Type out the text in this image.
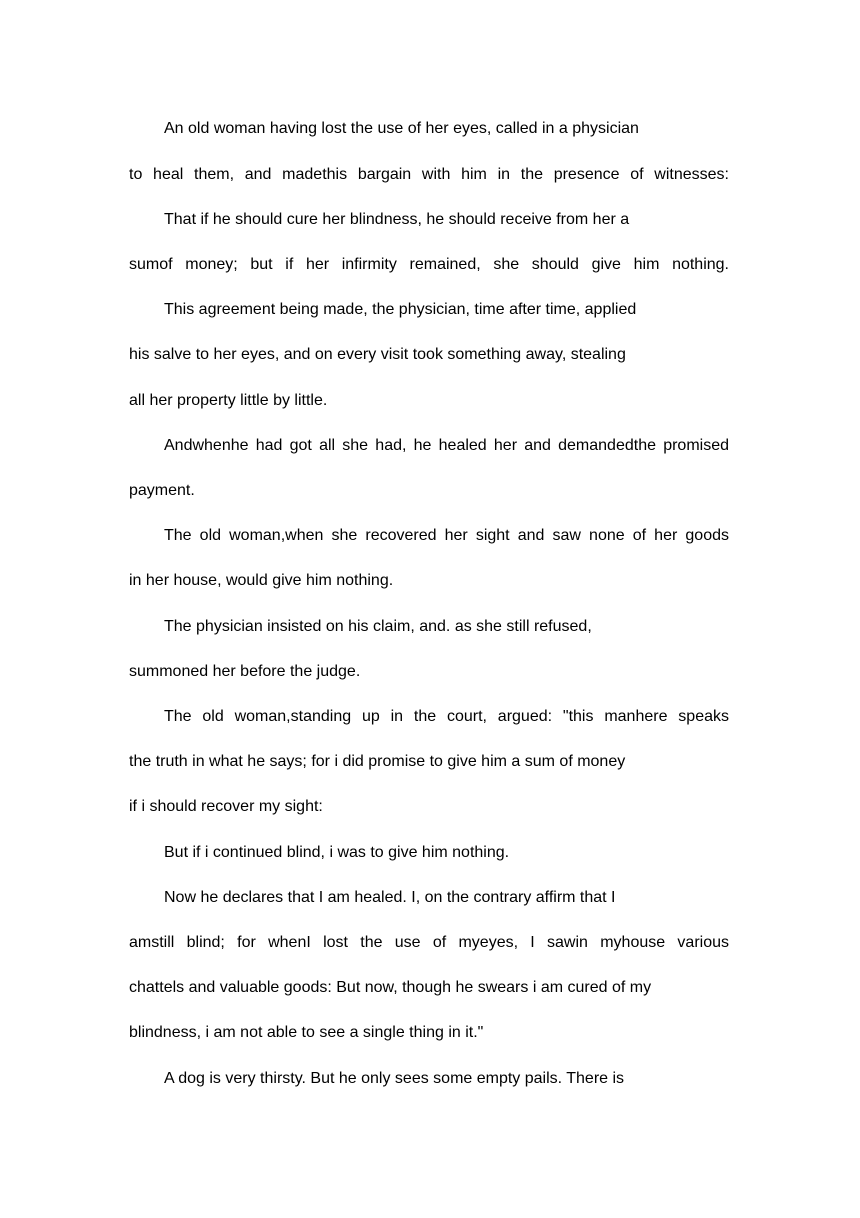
An old woman having lost the use of her eyes, called in a physician
to heal them, and madethis bargain with him in the presence of witnesses:
That if he should cure her blindness, he should receive from her a
sumof money; but if her infirmity remained, she should give him nothing.
This agreement being made, the physician, time after time, applied
his salve to her eyes, and on every visit took something away, stealing
all her property little by little.
Andwhenhe had got all she had, he healed her and demandedthe promised
payment.
The old woman,when she recovered her sight and saw none of her goods
in her house, would give him nothing.
The physician insisted on his claim, and. as she still refused,
summoned her before the judge.
The old woman,standing up in the court, argued: "this manhere speaks
the truth in what he says; for i did promise to give him a sum of money
if i should recover my sight:
But if i continued blind, i was to give him nothing.
Now he declares that I am healed. I, on the contrary affirm that I
amstill blind; for whenI lost the use of myeyes, I sawin myhouse various
chattels and valuable goods: But now, though he swears i am cured of my
blindness, i am not able to see a single thing in it."
A dog is very thirsty. But he only sees some empty pails. There is
